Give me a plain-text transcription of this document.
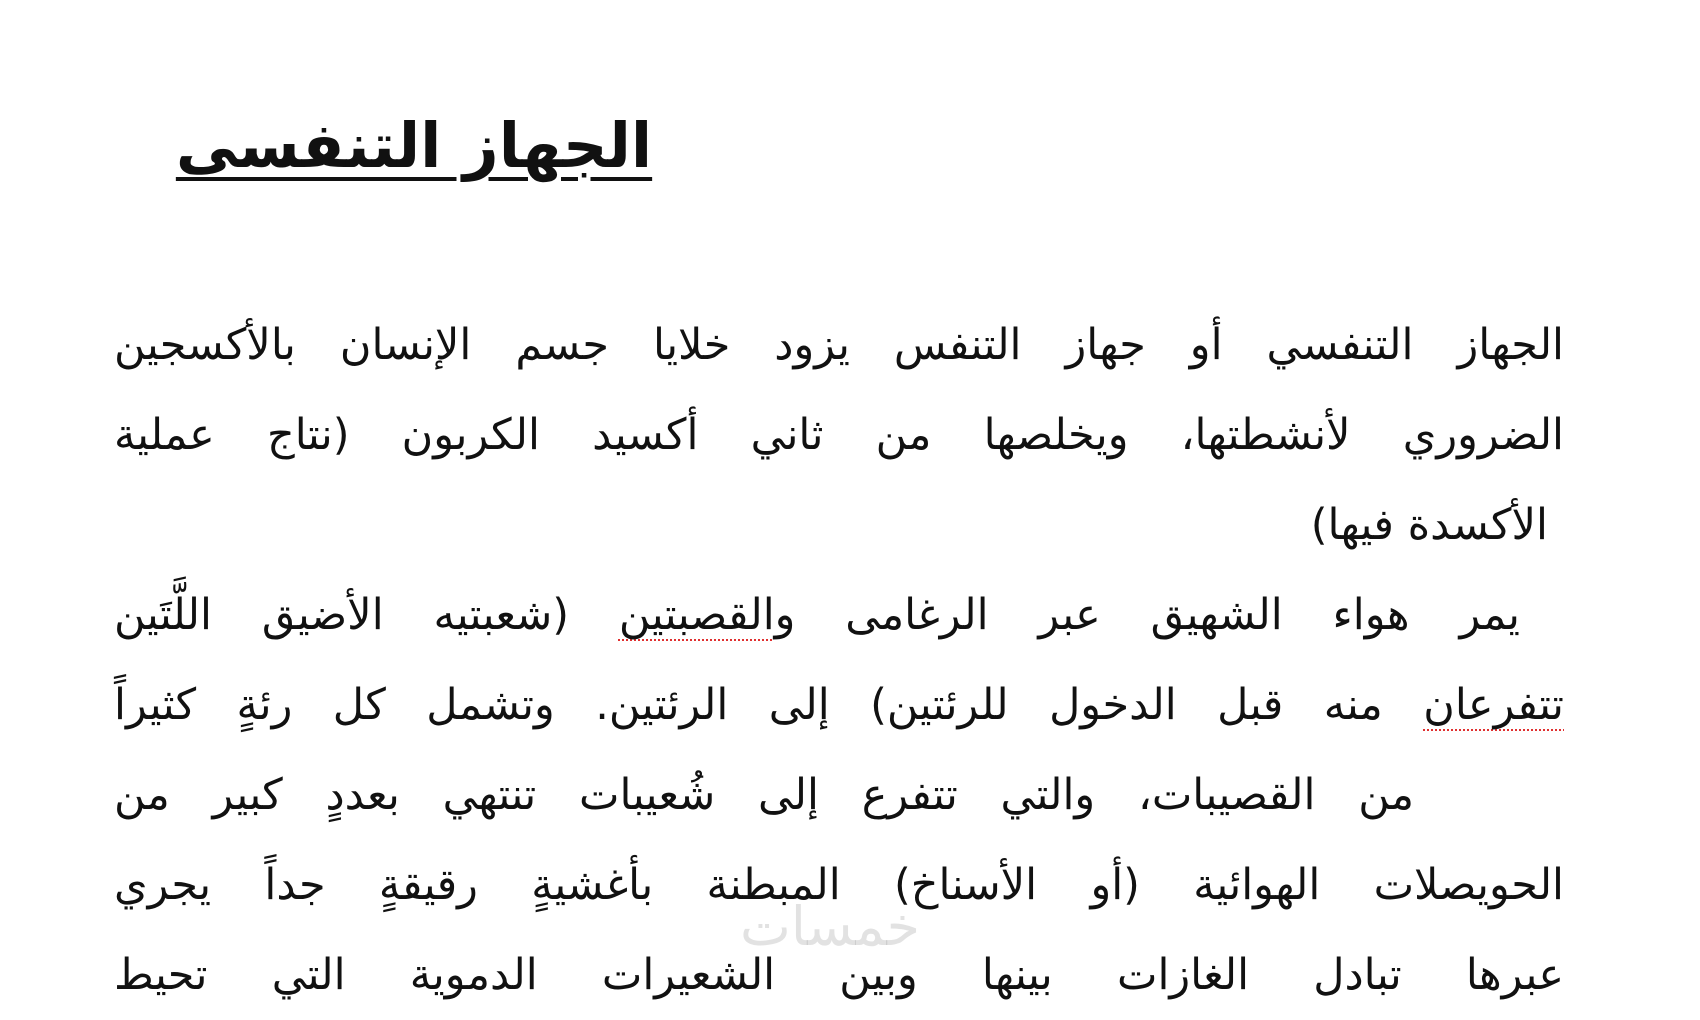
الجهاز التنفسى
الجهاز التنفسي أو جهاز التنفس يزود خلايا جسم الإنسان بالأكسجين
الضروري لأنشطتها، ويخلصها من ثاني أكسيد الكربون (نتاج عملية
الأكسدة فيها)
يمر هواء الشهيق عبر الرغامى والقصبتين (شعبتيه الأضيق اللَّتَين
تتفرعان منه قبل الدخول للرئتين) إلى الرئتين. وتشمل كل رئةٍ كثيراً
من القصيبات، والتي تتفرع إلى شُعيبات تنتهي بعددٍ كبير من
الحويصلات الهوائية (أو الأسناخ) المبطنة بأغشيةٍ رقيقةٍ جداً يجري
عبرها تبادل الغازات بينها وبين الشعيرات الدموية التي تحيط
خمسات
